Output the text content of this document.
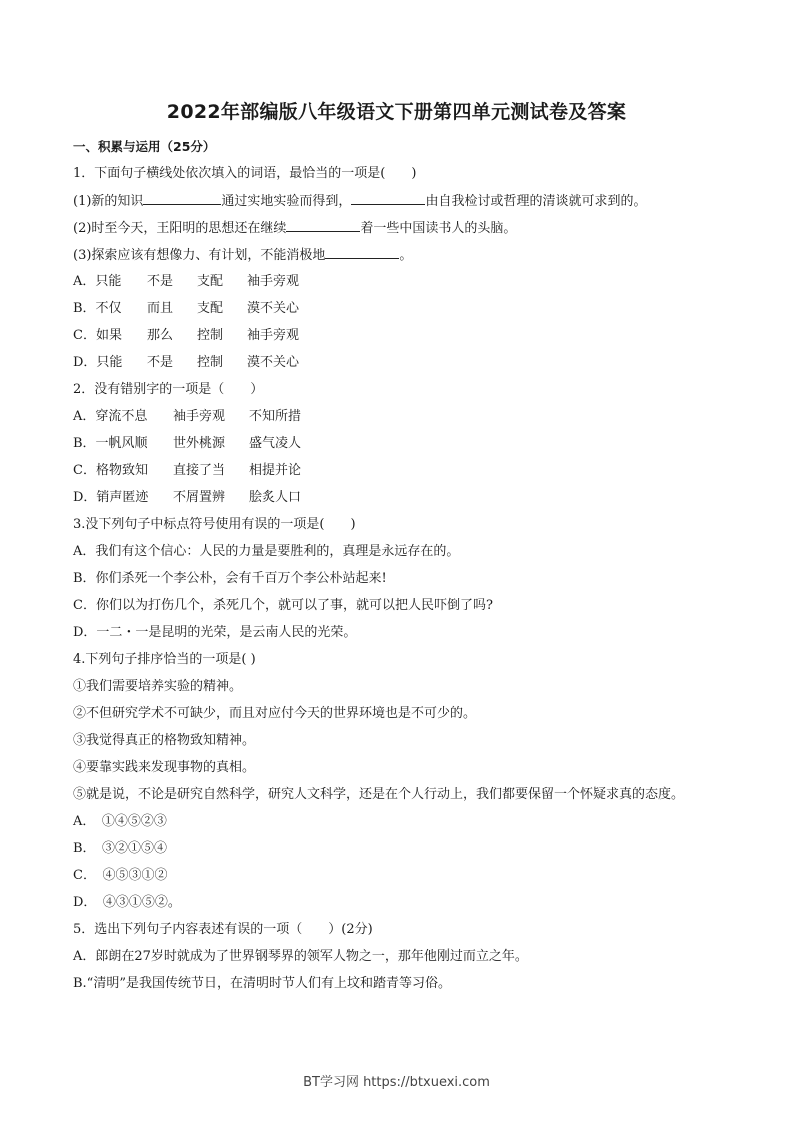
2022年部编版八年级语文下册第四单元测试卷及答案
一、积累与运用（25分）
1．下面句子横线处依次填入的词语，最恰当的一项是(　　)
(1)新的知识	通过实地实验而得到，	由自我检讨或哲理的清谈就可求到的。
(2)时至今天，王阳明的思想还在继续	着一些中国读书人的头脑。
(3)探索应该有想像力、有计划，不能消极地	。
A．只能 不是 支配 袖手旁观
B．不仅 而且 支配 漠不关心
C．如果 那么 控制 袖手旁观
D．只能 不是 控制 漠不关心
2．没有错别字的一项是（　　）
A．穿流不息 袖手旁观 不知所措
B．一帆风顺 世外桃源 盛气凌人
C．格物致知 直接了当 相提并论
D．销声匿迹 不屑置辨 脍炙人口
3.没下列句子中标点符号使用有误的一项是(　　)
A．我们有这个信心：人民的力量是要胜利的，真理是永远存在的。
B．你们杀死一个李公朴，会有千百万个李公朴站起来!
C．你们以为打伤几个，杀死几个，就可以了事，就可以把人民吓倒了吗?
D．一二・一是昆明的光荣，是云南人民的光荣。
4.下列句子排序恰当的一项是( )
①我们需要培养实验的精神。
②不但研究学术不可缺少，而且对应付今天的世界环境也是不可少的。
③我觉得真正的格物致知精神。
④要靠实践来发现事物的真相。
⑤就是说，不论是研究自然科学，研究人文科学，还是在个人行动上，我们都要保留一个怀疑求真的态度。
A．　①④⑤②③
B．　③②①⑤④
C．　④⑤③①②
D．　④③①⑤②。
5．选出下列句子内容表述有误的一项（　　）(2分)
A．郎朗在27岁时就成为了世界钢琴界的领军人物之一，那年他刚过而立之年。
B.“清明”是我国传统节日，在清明时节人们有上坟和踏青等习俗。
BT学习网 https://btxuexi.com
